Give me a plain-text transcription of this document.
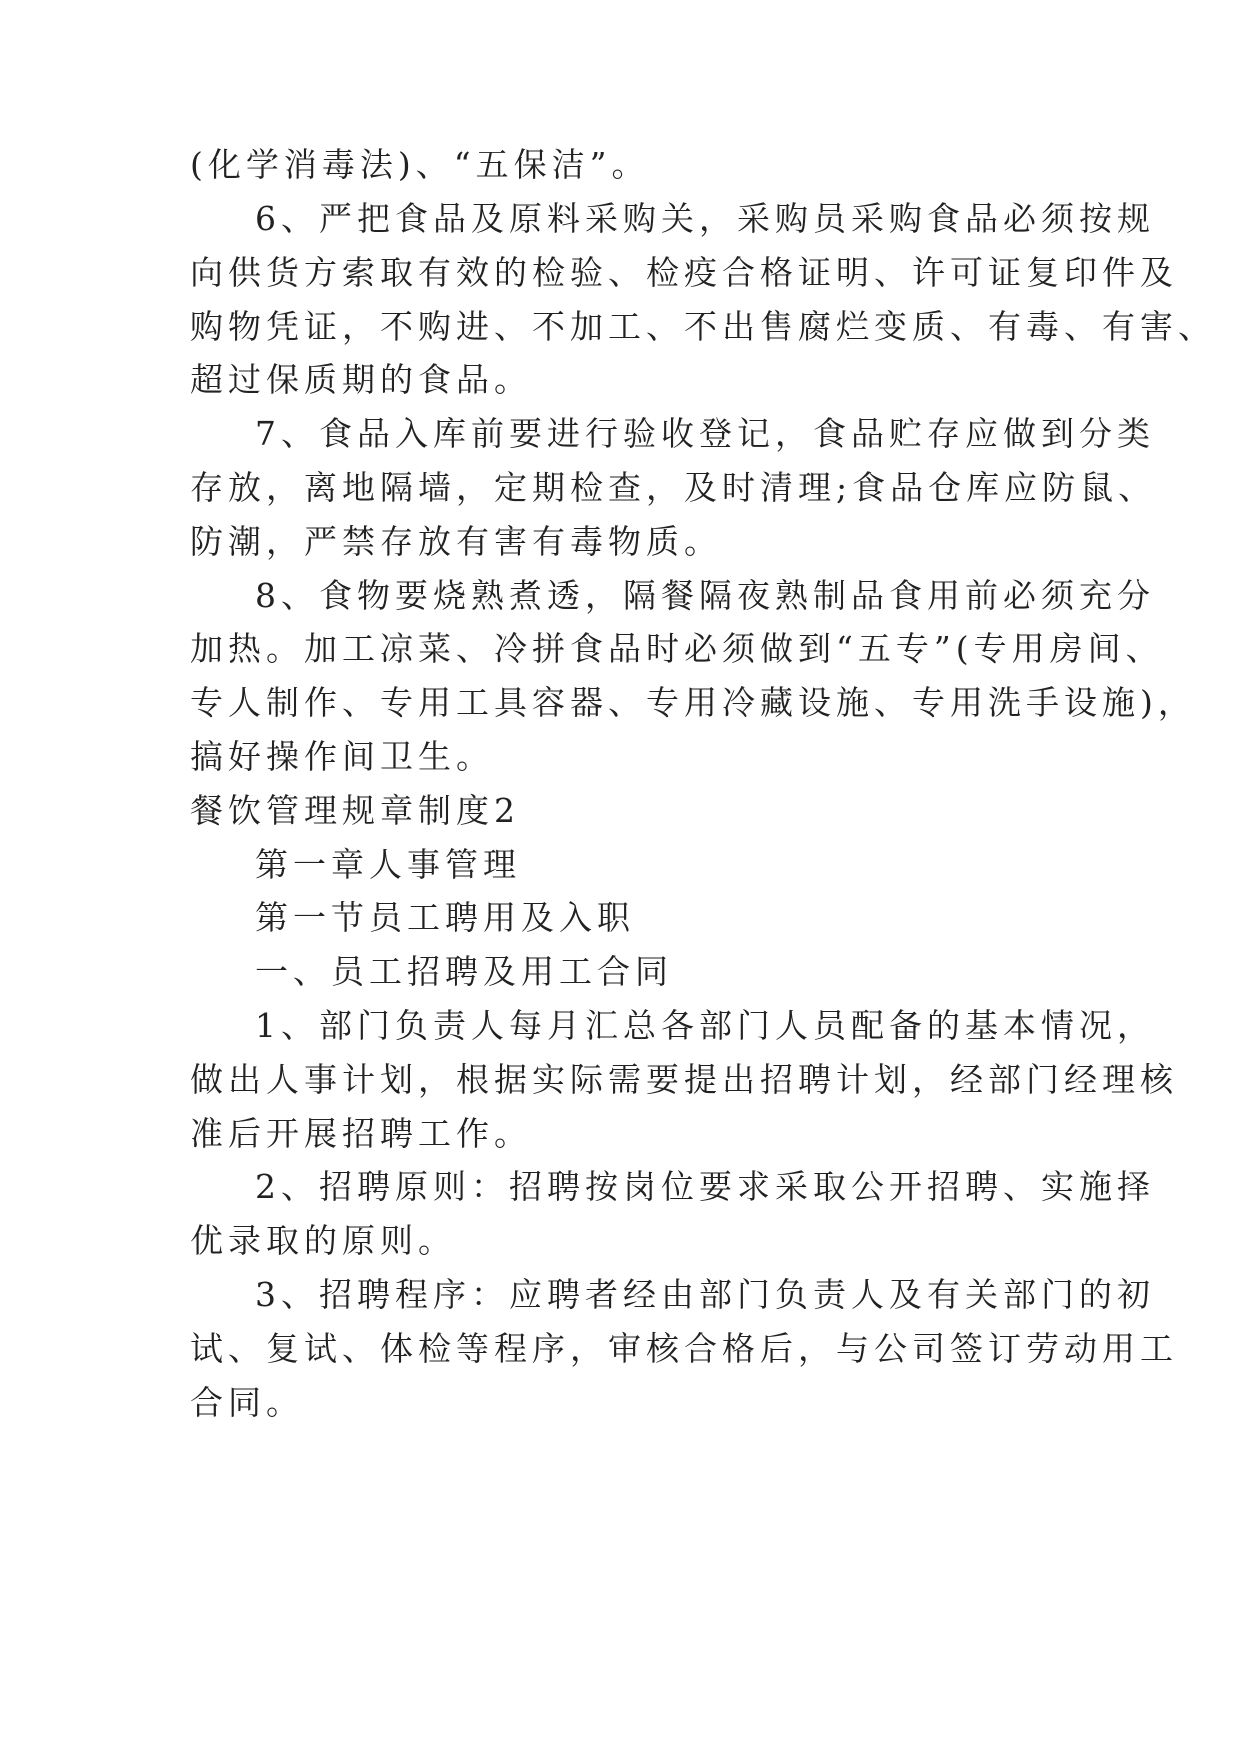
(化学消毒法)、“五保洁”。
6、严把食品及原料采购关，采购员采购食品必须按规
向供货方索取有效的检验、检疫合格证明、许可证复印件及
购物凭证，不购进、不加工、不出售腐烂变质、有毒、有害、
超过保质期的食品。
7、食品入库前要进行验收登记，食品贮存应做到分类
存放，离地隔墙，定期检查，及时清理;食品仓库应防鼠、
防潮，严禁存放有害有毒物质。
8、食物要烧熟煮透，隔餐隔夜熟制品食用前必须充分
加热。加工凉菜、冷拼食品时必须做到“五专”(专用房间、
专人制作、专用工具容器、专用冷藏设施、专用洗手设施)，
搞好操作间卫生。
餐饮管理规章制度2
第一章人事管理
第一节员工聘用及入职
一、员工招聘及用工合同
1、部门负责人每月汇总各部门人员配备的基本情况，
做出人事计划，根据实际需要提出招聘计划，经部门经理核
准后开展招聘工作。
2、招聘原则：招聘按岗位要求采取公开招聘、实施择
优录取的原则。
3、招聘程序：应聘者经由部门负责人及有关部门的初
试、复试、体检等程序，审核合格后，与公司签订劳动用工
合同。
